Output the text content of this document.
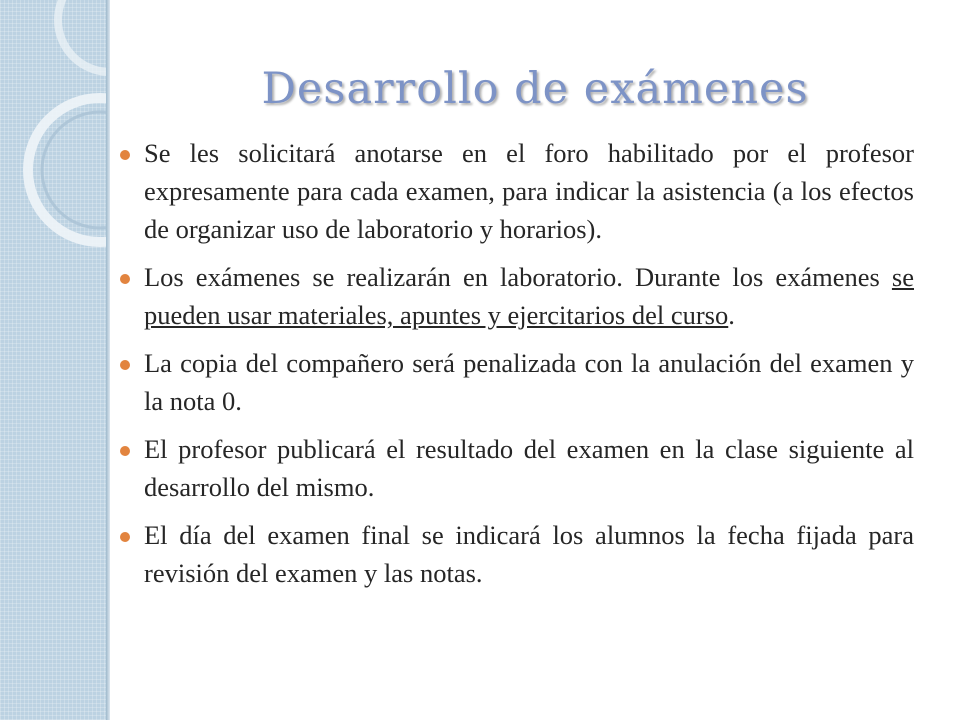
Desarrollo de exámenes
Se les solicitará anotarse en el foro habilitado por el profesor expresamente para cada examen, para indicar la asistencia (a los efectos de organizar uso de laboratorio y horarios).
Los exámenes se realizarán en laboratorio. Durante los exámenes se pueden usar materiales, apuntes y ejercitarios del curso.
La copia del compañero será penalizada con la anulación del examen y la nota 0.
El profesor publicará el resultado del examen en la clase siguiente al desarrollo del mismo.
El día del examen final se indicará los alumnos la fecha fijada para revisión del examen y las notas.
